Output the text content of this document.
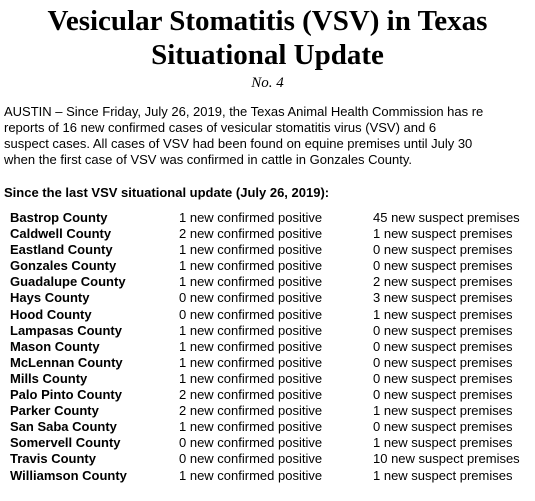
Vesicular Stomatitis (VSV) in Texas
Situational Update
No. 4
AUSTIN – Since Friday, July 26, 2019, the Texas Animal Health Commission has re
reports of 16 new confirmed cases of vesicular stomatitis virus (VSV) and 6
suspect cases. All cases of VSV had been found on equine premises until July 30
when the first case of VSV was confirmed in cattle in Gonzales County.
Since the last VSV situational update (July 26, 2019):
Bastrop County	1 new confirmed positive	45 new suspect premises
Caldwell County	2 new confirmed positive	1 new suspect premises
Eastland County	1 new confirmed positive	0 new suspect premises
Gonzales County	1 new confirmed positive	0 new suspect premises
Guadalupe County	1 new confirmed positive	2 new suspect premises
Hays County	0 new confirmed positive	3 new suspect premises
Hood County	0 new confirmed positive	1 new suspect premises
Lampasas County	1 new confirmed positive	0 new suspect premises
Mason County	1 new confirmed positive	0 new suspect premises
McLennan County	1 new confirmed positive	0 new suspect premises
Mills County	1 new confirmed positive	0 new suspect premises
Palo Pinto County	2 new confirmed positive	0 new suspect premises
Parker County	2 new confirmed positive	1 new suspect premises
San Saba County	1 new confirmed positive	0 new suspect premises
Somervell County	0 new confirmed positive	1 new suspect premises
Travis County	0 new confirmed positive	10 new suspect premises
Williamson County	1 new confirmed positive	1 new suspect premises
